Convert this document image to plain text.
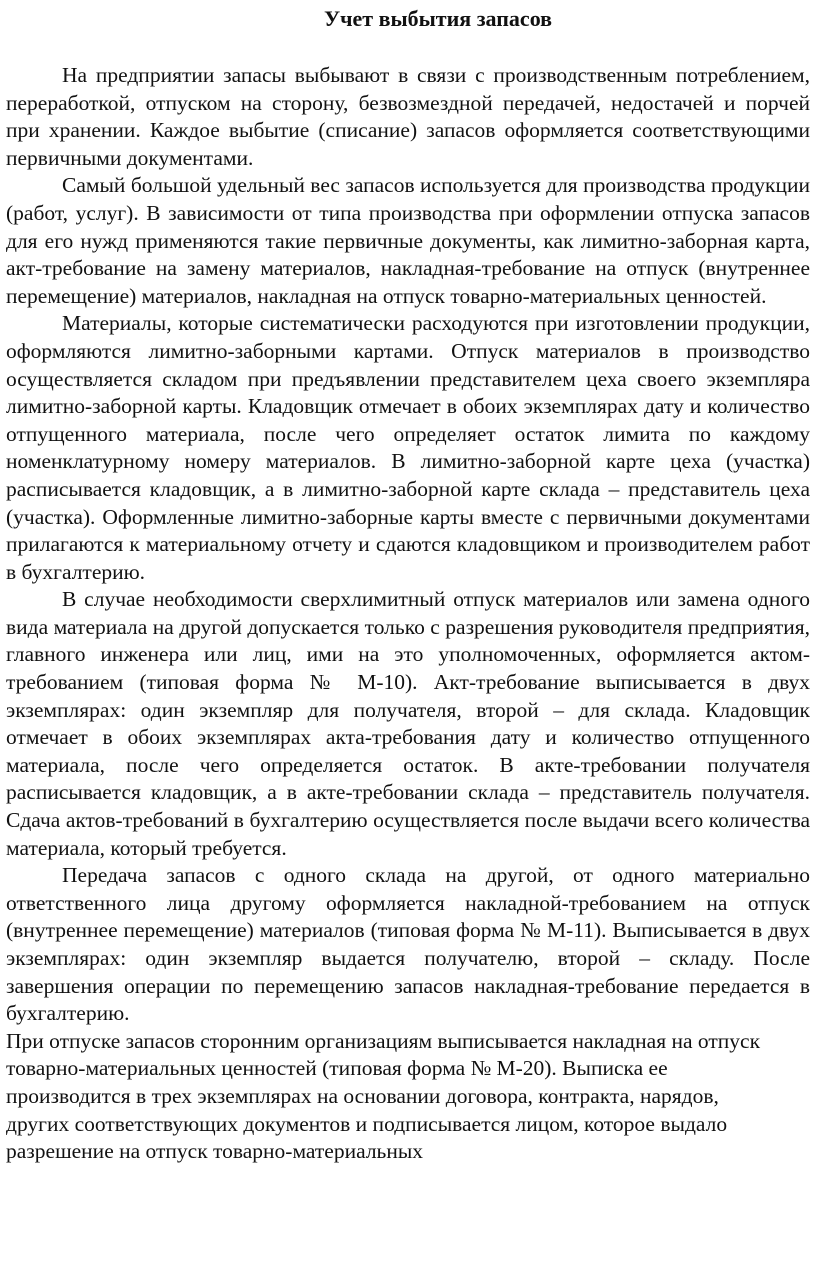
Учет выбытия запасов

На предприятии запасы выбывают в связи с производственным потреблением, переработкой, отпуском на сторону, безвозмездной передачей, недостачей и порчей при хранении. Каждое выбытие (списание) запасов оформляется соответствующими первичными документами.

Самый большой удельный вес запасов используется для производства продукции (работ, услуг). В зависимости от типа производства при оформлении отпуска запасов для его нужд применяются такие первичные документы, как лимитно-заборная карта, акт-требование на замену материалов, накладная-требование на отпуск (внутреннее перемещение) материалов, накладная на отпуск товарно-материальных ценностей.

Материалы, которые систематически расходуются при изготовлении продукции, оформляются лимитно-заборными картами. Отпуск материалов в производство осуществляется складом при предъявлении представителем цеха своего экземпляра лимитно-заборной карты. Кладовщик отмечает в обоих экземплярах дату и количество отпущенного материала, после чего определяет остаток лимита по каждому номенклатурному номеру материалов. В лимитно-заборной карте цеха (участка) расписывается кладовщик, а в лимитно-заборной карте склада – представитель цеха (участка). Оформленные лимитно-заборные карты вместе с первичными документами прилагаются к материальному отчету и сдаются кладовщиком и производителем работ в бухгалтерию.

В случае необходимости сверхлимитный отпуск материалов или замена одного вида материала на другой допускается только с разрешения руководителя предприятия, главного инженера или лиц, ими на это уполномоченных, оформляется актом-требованием (типовая форма № М-10). Акт-требование выписывается в двух экземплярах: один экземпляр для получателя, второй – для склада. Кладовщик отмечает в обоих экземплярах акта-требования дату и количество отпущенного материала, после чего определяется остаток. В акте-требовании получателя расписывается кладовщик, а в акте-требовании склада – представитель получателя. Сдача актов-требований в бухгалтерию осуществляется после выдачи всего количества материала, который требуется.

Передача запасов с одного склада на другой, от одного материально ответственного лица другому оформляется накладной-требованием на отпуск (внутреннее перемещение) материалов (типовая форма № М-11). Выписывается в двух экземплярах: один экземпляр выдается получателю, второй – складу. После завершения операции по перемещению запасов накладная-требование передается в бухгалтерию.

При отпуске запасов сторонним организациям выписывается накладная на отпуск товарно-материальных ценностей (типовая форма № М-20). Выписка ее производится в трех экземплярах на основании договора, контракта, нарядов, других соответствующих документов и подписывается лицом, которое выдало разрешение на отпуск товарно-материальных
